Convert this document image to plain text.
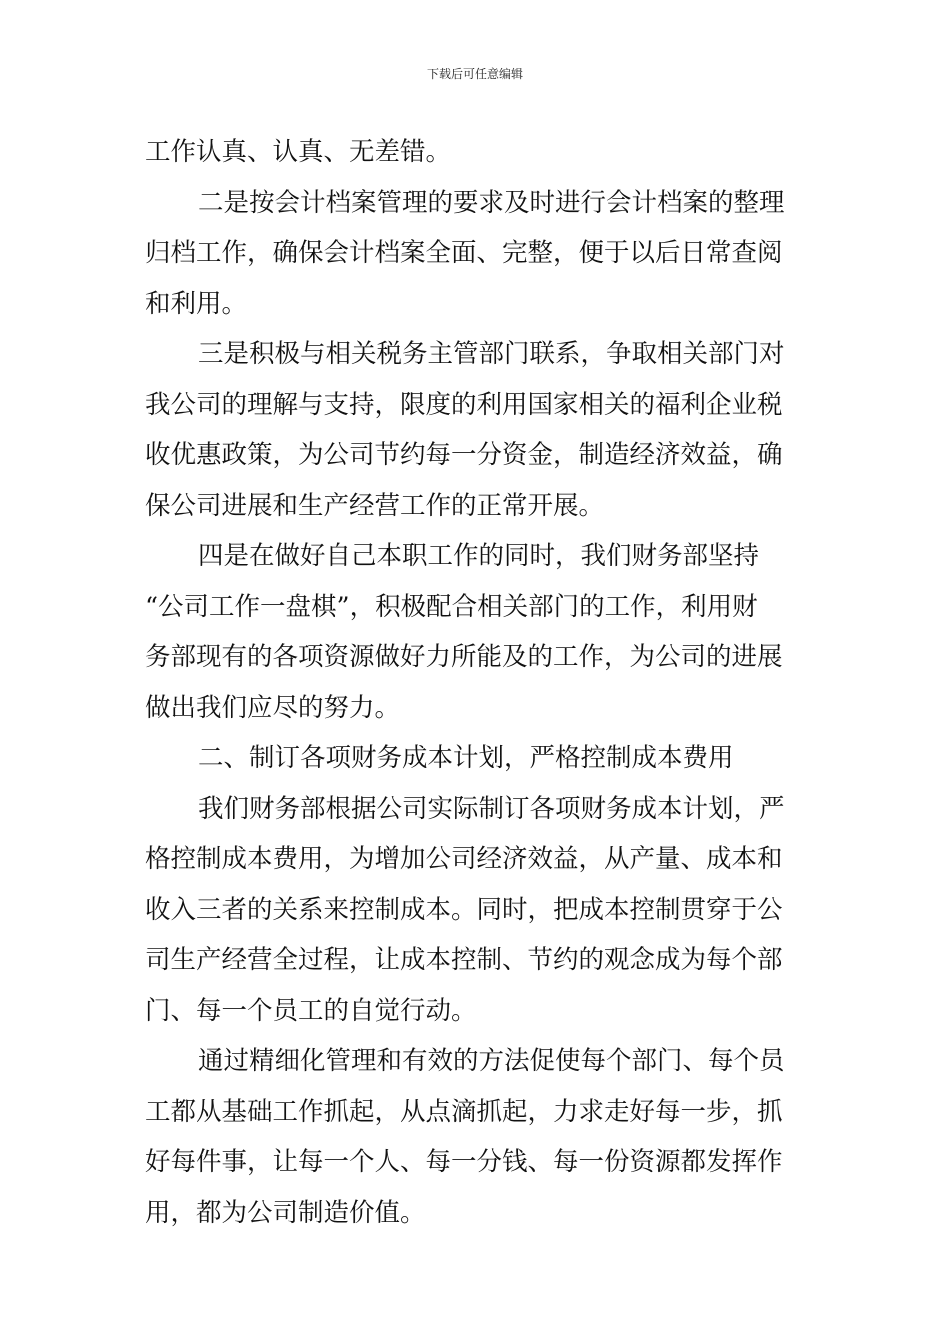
下载后可任意编辑
工作认真、认真、无差错。
二是按会计档案管理的要求及时进行会计档案的整理
归档工作，确保会计档案全面、完整，便于以后日常查阅
和利用。
三是积极与相关税务主管部门联系，争取相关部门对
我公司的理解与支持，限度的利用国家相关的福利企业税
收优惠政策，为公司节约每一分资金，制造经济效益，确
保公司进展和生产经营工作的正常开展。
四是在做好自己本职工作的同时，我们财务部坚持
“公司工作一盘棋”，积极配合相关部门的工作，利用财
务部现有的各项资源做好力所能及的工作，为公司的进展
做出我们应尽的努力。
二、制订各项财务成本计划，严格控制成本费用
我们财务部根据公司实际制订各项财务成本计划，严
格控制成本费用，为增加公司经济效益，从产量、成本和
收入三者的关系来控制成本。同时，把成本控制贯穿于公
司生产经营全过程，让成本控制、节约的观念成为每个部
门、每一个员工的自觉行动。
通过精细化管理和有效的方法促使每个部门、每个员
工都从基础工作抓起，从点滴抓起，力求走好每一步，抓
好每件事，让每一个人、每一分钱、每一份资源都发挥作
用，都为公司制造价值。
